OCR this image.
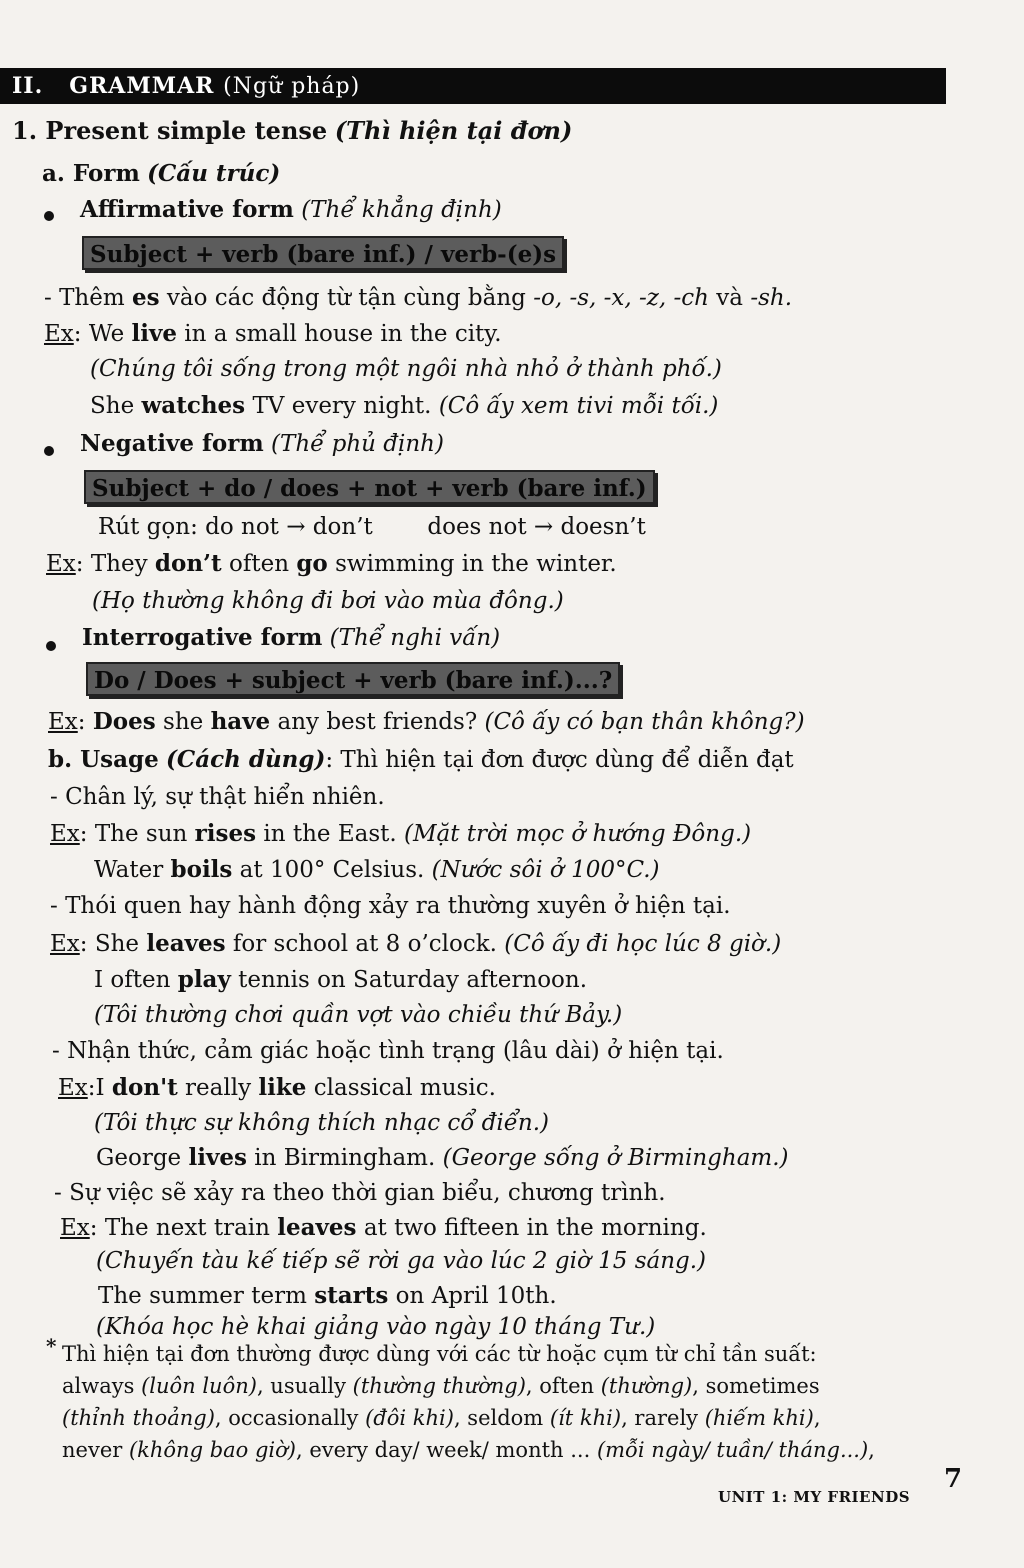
II. GRAMMAR (Ngữ pháp)
1. Present simple tense (Thì hiện tại đơn)
a. Form (Cấu trúc)
Affirmative form (Thể khẳng định)
Subject + verb (bare inf.) / verb-(e)s
- Thêm es vào các động từ tận cùng bằng -o, -s, -x, -z, -ch và -sh.
Ex: We live in a small house in the city.
(Chúng tôi sống trong một ngôi nhà nhỏ ở thành phố.)
She watches TV every night. (Cô ấy xem tivi mỗi tối.)
Negative form (Thể phủ định)
Subject + do / does + not + verb (bare inf.)
Rút gọn: do not → don’t does not → doesn’t
Ex: They don’t often go swimming in the winter.
(Họ thường không đi bơi vào mùa đông.)
Interrogative form (Thể nghi vấn)
Do / Does + subject + verb (bare inf.)...?
Ex: Does she have any best friends? (Cô ấy có bạn thân không?)
b. Usage (Cách dùng): Thì hiện tại đơn được dùng để diễn đạt
- Chân lý, sự thật hiển nhiên.
Ex: The sun rises in the East. (Mặt trời mọc ở hướng Đông.)
Water boils at 100° Celsius. (Nước sôi ở 100°C.)
- Thói quen hay hành động xảy ra thường xuyên ở hiện tại.
Ex: She leaves for school at 8 o’clock. (Cô ấy đi học lúc 8 giờ.)
I often play tennis on Saturday afternoon.
(Tôi thường chơi quần vợt vào chiều thứ Bảy.)
- Nhận thức, cảm giác hoặc tình trạng (lâu dài) ở hiện tại.
Ex:I don't really like classical music.
(Tôi thực sự không thích nhạc cổ điển.)
George lives in Birmingham. (George sống ở Birmingham.)
- Sự việc sẽ xảy ra theo thời gian biểu, chương trình.
Ex: The next train leaves at two fifteen in the morning.
(Chuyến tàu kế tiếp sẽ rời ga vào lúc 2 giờ 15 sáng.)
The summer term starts on April 10th.
(Khóa học hè khai giảng vào ngày 10 tháng Tư.)
* Thì hiện tại đơn thường được dùng với các từ hoặc cụm từ chỉ tần suất:
always (luôn luôn), usually (thường thường), often (thường), sometimes
(thỉnh thoảng), occasionally (đôi khi), seldom (ít khi), rarely (hiếm khi),
never (không bao giờ), every day/ week/ month ... (mỗi ngày/ tuần/ tháng...),
UNIT 1: MY FRIENDS
7
